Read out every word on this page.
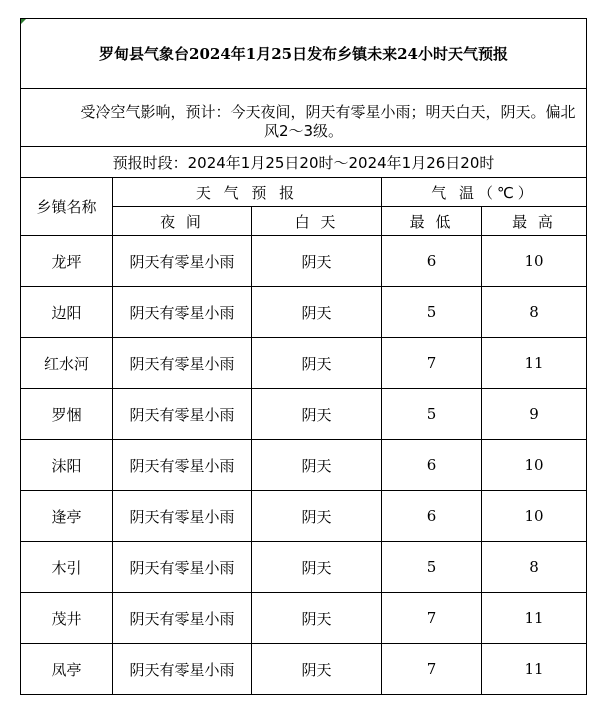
罗甸县气象台2024年1月25日发布乡镇未来24小时天气预报				

受冷空气影响，预计：今天夜间，阴天有零星小雨；明天白天，阴天。偏北风2～3级。				

预报时段：2024年1月25日20时～2024年1月26日20时				
乡镇名称	天 气 预 报		气 温（℃）	
	夜 间	白 天	最 低	最 高
龙坪	阴天有零星小雨	阴天	6	10
边阳	阴天有零星小雨	阴天	5	8
红水河	阴天有零星小雨	阴天	7	11
罗悃	阴天有零星小雨	阴天	5	9
沫阳	阴天有零星小雨	阴天	6	10
逢亭	阴天有零星小雨	阴天	6	10
木引	阴天有零星小雨	阴天	5	8
茂井	阴天有零星小雨	阴天	7	11
凤亭	阴天有零星小雨	阴天	7	11
